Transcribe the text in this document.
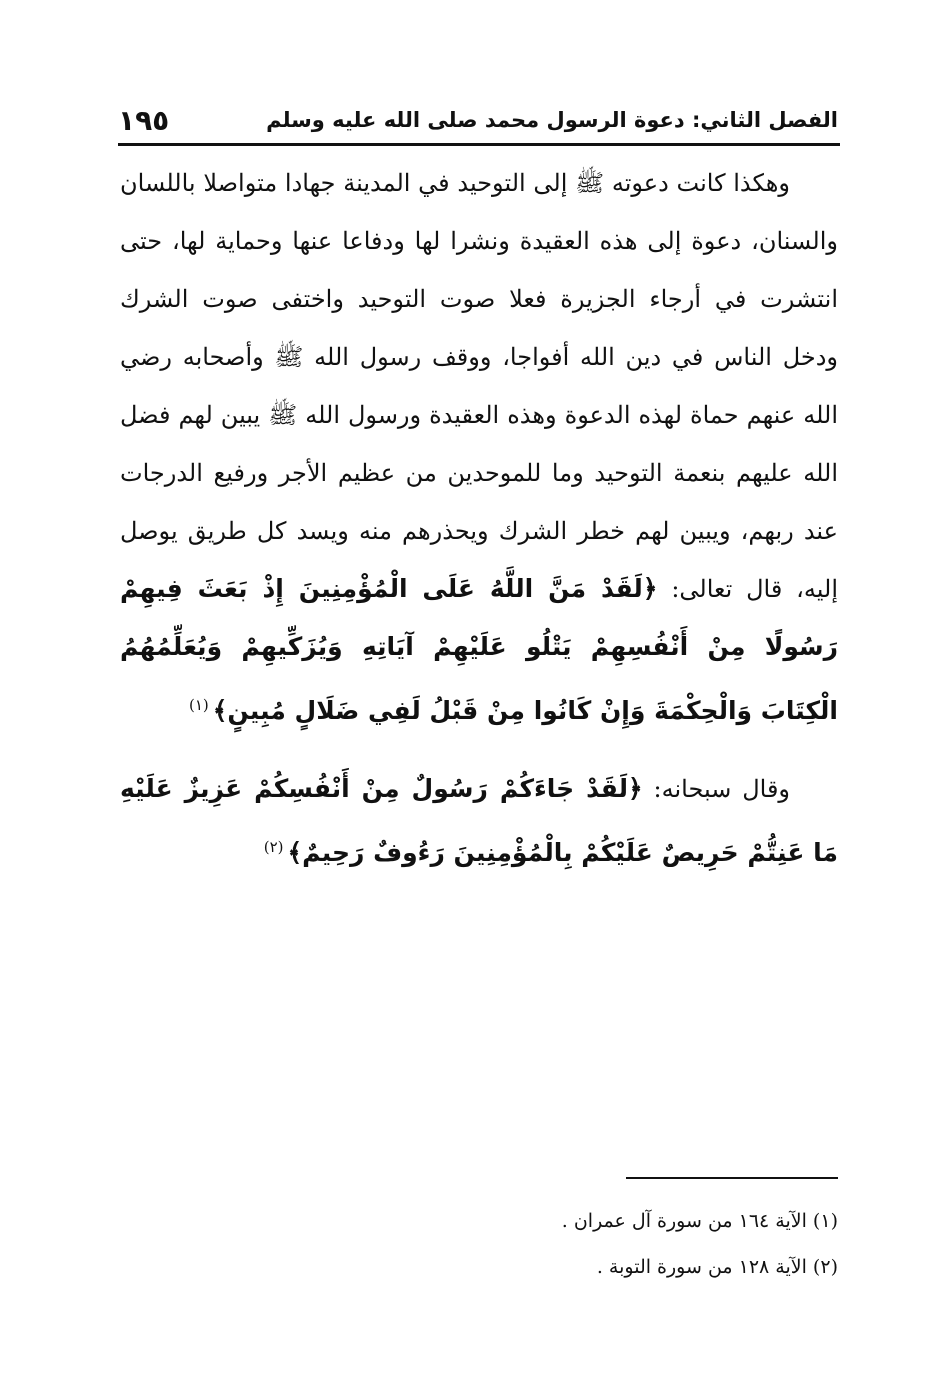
الفصل الثاني: دعوة الرسول محمد صلى الله عليه وسلم
١٩٥

وهكذا كانت دعوته ﷺ إلى التوحيد في المدينة جهادا متواصلا باللسان والسنان، دعوة إلى هذه العقيدة ونشرا لها ودفاعا عنها وحماية لها، حتى انتشرت في أرجاء الجزيرة فعلا صوت التوحيد واختفى صوت الشرك ودخل الناس في دين الله أفواجا، ووقف رسول الله ﷺ وأصحابه رضي الله عنهم حماة لهذه الدعوة وهذه العقيدة ورسول الله ﷺ يبين لهم فضل الله عليهم بنعمة التوحيد وما للموحدين من عظيم الأجر ورفيع الدرجات عند ربهم، ويبين لهم خطر الشرك ويحذرهم منه ويسد كل طريق يوصل إليه، قال تعالى: ﴿لَقَدْ مَنَّ اللَّهُ عَلَى الْمُؤْمِنِينَ إِذْ بَعَثَ فِيهِمْ رَسُولًا مِنْ أَنْفُسِهِمْ يَتْلُو عَلَيْهِمْ آيَاتِهِ وَيُزَكِّيهِمْ وَيُعَلِّمُهُمُ الْكِتَابَ وَالْحِكْمَةَ وَإِنْ كَانُوا مِنْ قَبْلُ لَفِي ضَلَالٍ مُبِينٍ﴾$^{(١)}$

وقال سبحانه: ﴿لَقَدْ جَاءَكُمْ رَسُولٌ مِنْ أَنْفُسِكُمْ عَزِيزٌ عَلَيْهِ مَا عَنِتُّمْ حَرِيصٌ عَلَيْكُمْ بِالْمُؤْمِنِينَ رَءُوفٌ رَحِيمٌ﴾$^{(٢)}$

(١) الآية ١٦٤ من سورة آل عمران .

(٢) الآية ١٢٨ من سورة التوبة .
